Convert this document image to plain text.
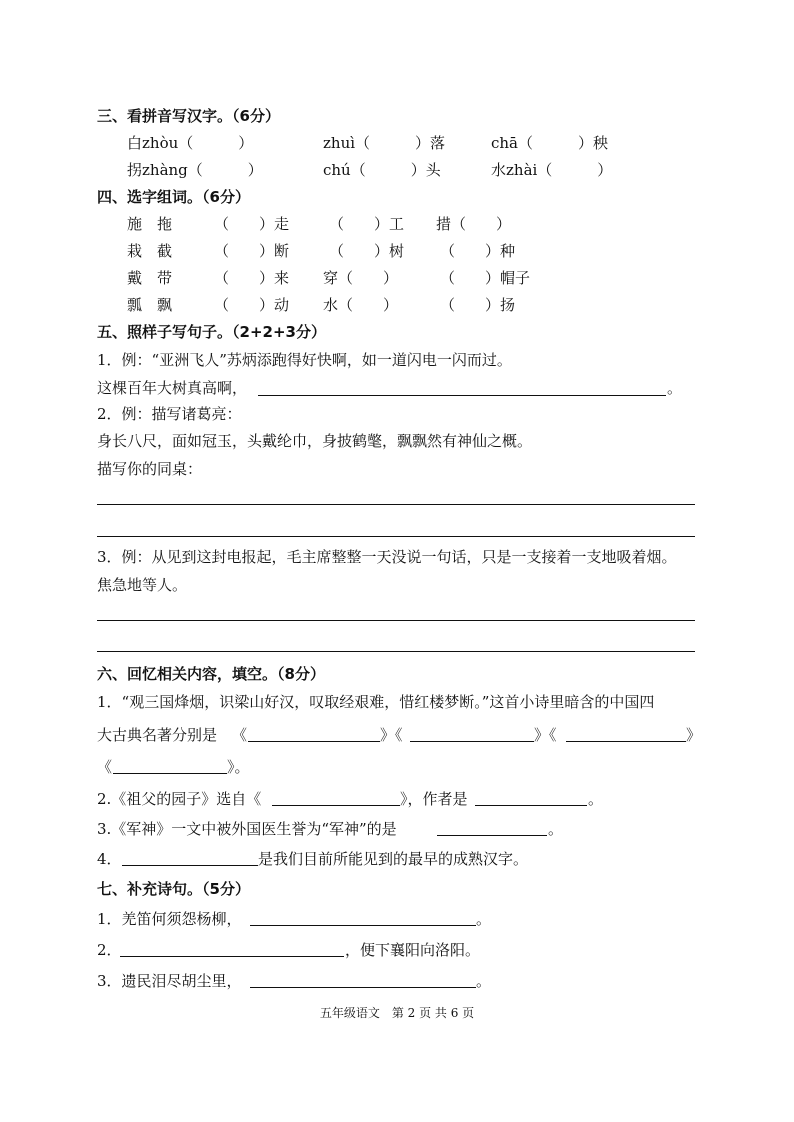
三、看拼音写汉字。（6分）
白zhòu（　　　）	zhuì（　　　）落	chā（　　　）秧
拐zhàng（　　　）	chú（　　　）头	水zhài（　　　）
四、选字组词。（6分）
施　拖	（　　）走	（　　）工 措（　　）
栽　截	（　　）断	（　　）树 （　　）种
戴　带	（　　）来 穿（　　）	（　　）帽子
瓢　飘	（　　）动 水（　　）	（　　）扬
五、照样子写句子。（2+2+3分）
1．例：“亚洲飞人”苏炳添跑得好快啊，如一道闪电一闪而过。
这棵百年大树真高啊，	。
2．例：描写诸葛亮：
身长八尺，面如冠玉，头戴纶巾，身披鹤氅，飘飘然有神仙之概。
描写你的同桌：
3．例：从见到这封电报起，毛主席整整一天没说一句话，只是一支接着一支地吸着烟。
焦急地等人。
六、回忆相关内容，填空。（8分）
1．“观三国烽烟，识梁山好汉，叹取经艰难，惜红楼梦断。”这首小诗里暗含的中国四
大古典名著分别是 《	》《	》《	》
《	》。
2.《祖父的园子》选自《	》，作者是	。
3.《军神》一文中被外国医生誉为“军神”的是	。
4．	是我们目前所能见到的最早的成熟汉字。
七、补充诗句。（5分）
1．羌笛何须怨杨柳，	。
2．	，便下襄阳向洛阳。
3．遗民泪尽胡尘里，	。
五年级语文　第 2 页 共 6 页
